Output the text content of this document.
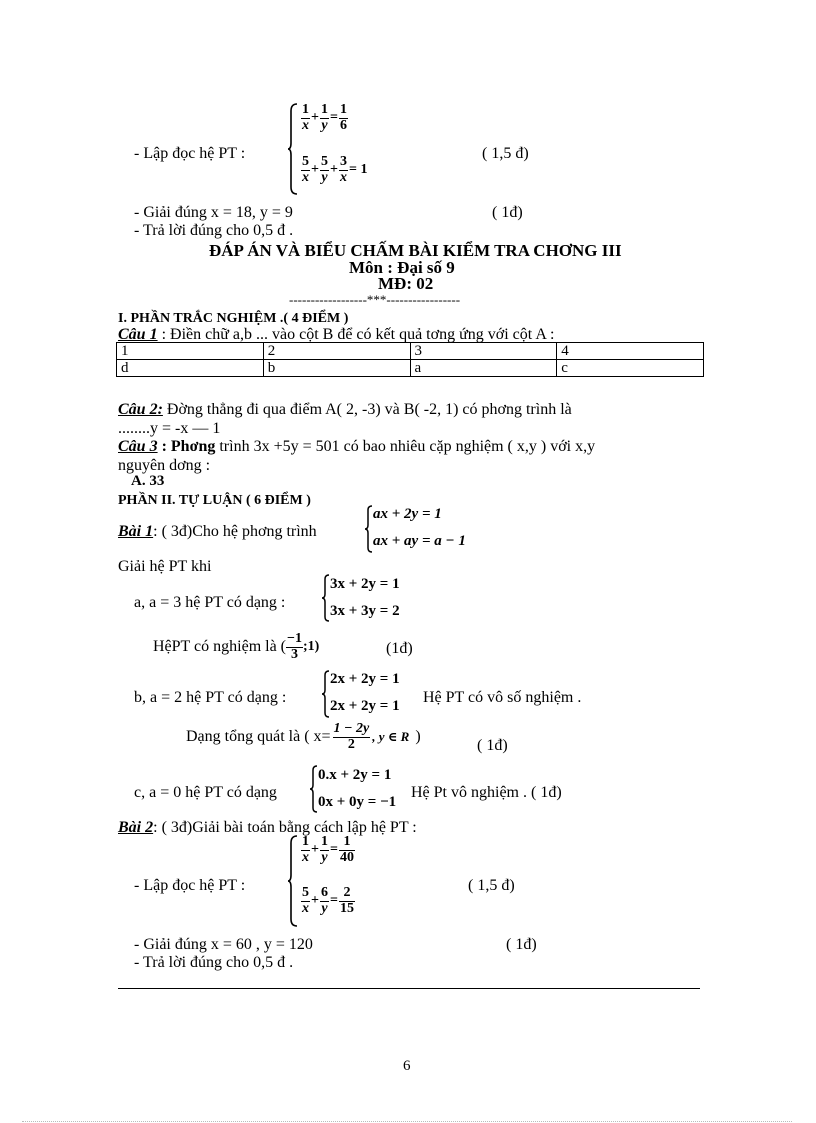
- Lập đọc hệ PT :
$\frac{1}{x} + \frac{1}{y} = \frac{1}{6}$
$\frac{5}{x} + \frac{5}{y} + \frac{3}{x} = 1$
( 1,5 đ)
- Giải đúng x = 18, y = 9	( 1đ)
- Trả lời đúng cho 0,5 đ .
ĐÁP ÁN VÀ BIỂU CHẤM BÀI KIỂM TRA CHƠNG III
Môn : Đại số 9
MĐ: 02
------------------***-----------------
I. PHẦN TRẮC NGHIỆM .( 4 ĐIỂM )
Câu 1 : Điền chữ a,b ... vào cột B để có kết quả tơng ứng với cột A :
1	2	3	4
d	b	a	c
Câu 2: Đờng thẳng đi qua điểm A( 2, -3) và B( -2, 1) có phơng trình là
........y = -x — 1
Câu 3 : Phơng trình 3x +5y = 501 có bao nhiêu cặp nghiệm ( x,y ) với x,y
nguyên dơng :
A. 33
PHẦN II. TỰ LUẬN ( 6 ĐIỂM )
Bài 1: ( 3đ)Cho hệ phơng trình
ax + 2y = 1
ax + ay = a − 1
Giải hệ PT khi
a, a = 3 hệ PT có dạng :
3x + 2y = 1
3x + 3y = 2
HệPT có nghiệm là ( $\frac{-1}{3}$ ;1)	(1đ)
b, a = 2 hệ PT có dạng :
2x + 2y = 1
2x + 2y = 1 Hệ PT có vô số nghiệm .
Dạng tổng quát là ( $x= \frac{1 - 2y}{2}$ , y ∈ R )
( 1đ)
c, a = 0 hệ PT có dạng
0.x + 2y = 1
0x + 0y = −1
Hệ Pt vô nghiệm . ( 1đ)
Bài 2: ( 3đ)Giải bài toán bằng cách lập hệ PT :
- Lập đọc hệ PT :
$\frac{1}{x} + \frac{1}{y} = \frac{1}{40}$
$\frac{5}{x} + \frac{6}{y} = \frac{2}{15}$
( 1,5 đ)
- Giải đúng x = 60 , y = 120	( 1đ)
- Trả lời đúng cho 0,5 đ .
6
